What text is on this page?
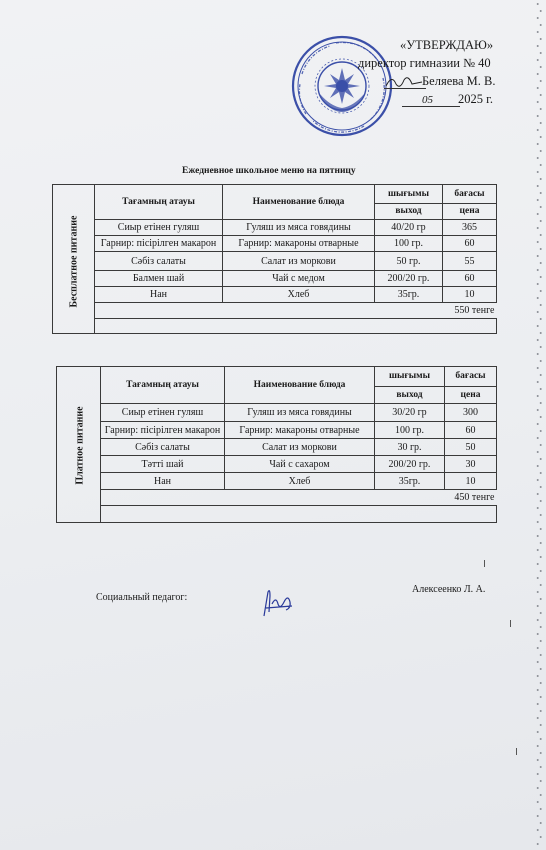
«УТВЕРЖДАЮ»
директор гимназии № 40
Беляева М. В.
05 2025 г.
Ежедневное школьное меню на пятницу
	Тағамның атауы	Наименование блюда	шығымы	бағасы	
			выход	цена	
	Сиыр етінен гуляш	Гуляш из мяса говядины	40/20 гр	365	
	Гарнир: пісірілген макарон	Гарнир: макароны отварные	100 гр.	60	
	Сәбіз салаты	Салат из моркови	50 гр.	55	
	Балмен шай	Чай с медом	200/20 гр.	60	
	Нан	Хлеб	35гр.	10	
	550 тенге				

Бесплатное питание
	Тағамның атауы	Наименование блюда	шығымы	бағасы	
			выход	цена	
	Сиыр етінен гуляш	Гуляш из мяса говядины	30/20 гр	300	
	Гарнир: пісірілген макарон	Гарнир: макароны отварные	100 гр.	60	
	Сәбіз салаты	Салат из моркови	30 гр.	50	
	Тәтті шай	Чай с сахаром	200/20 гр.	30	
	Нан	Хлеб	35гр.	10	
	450 тенге				

Платное питание
Социальный педагог:
Алексеенко Л. А.
